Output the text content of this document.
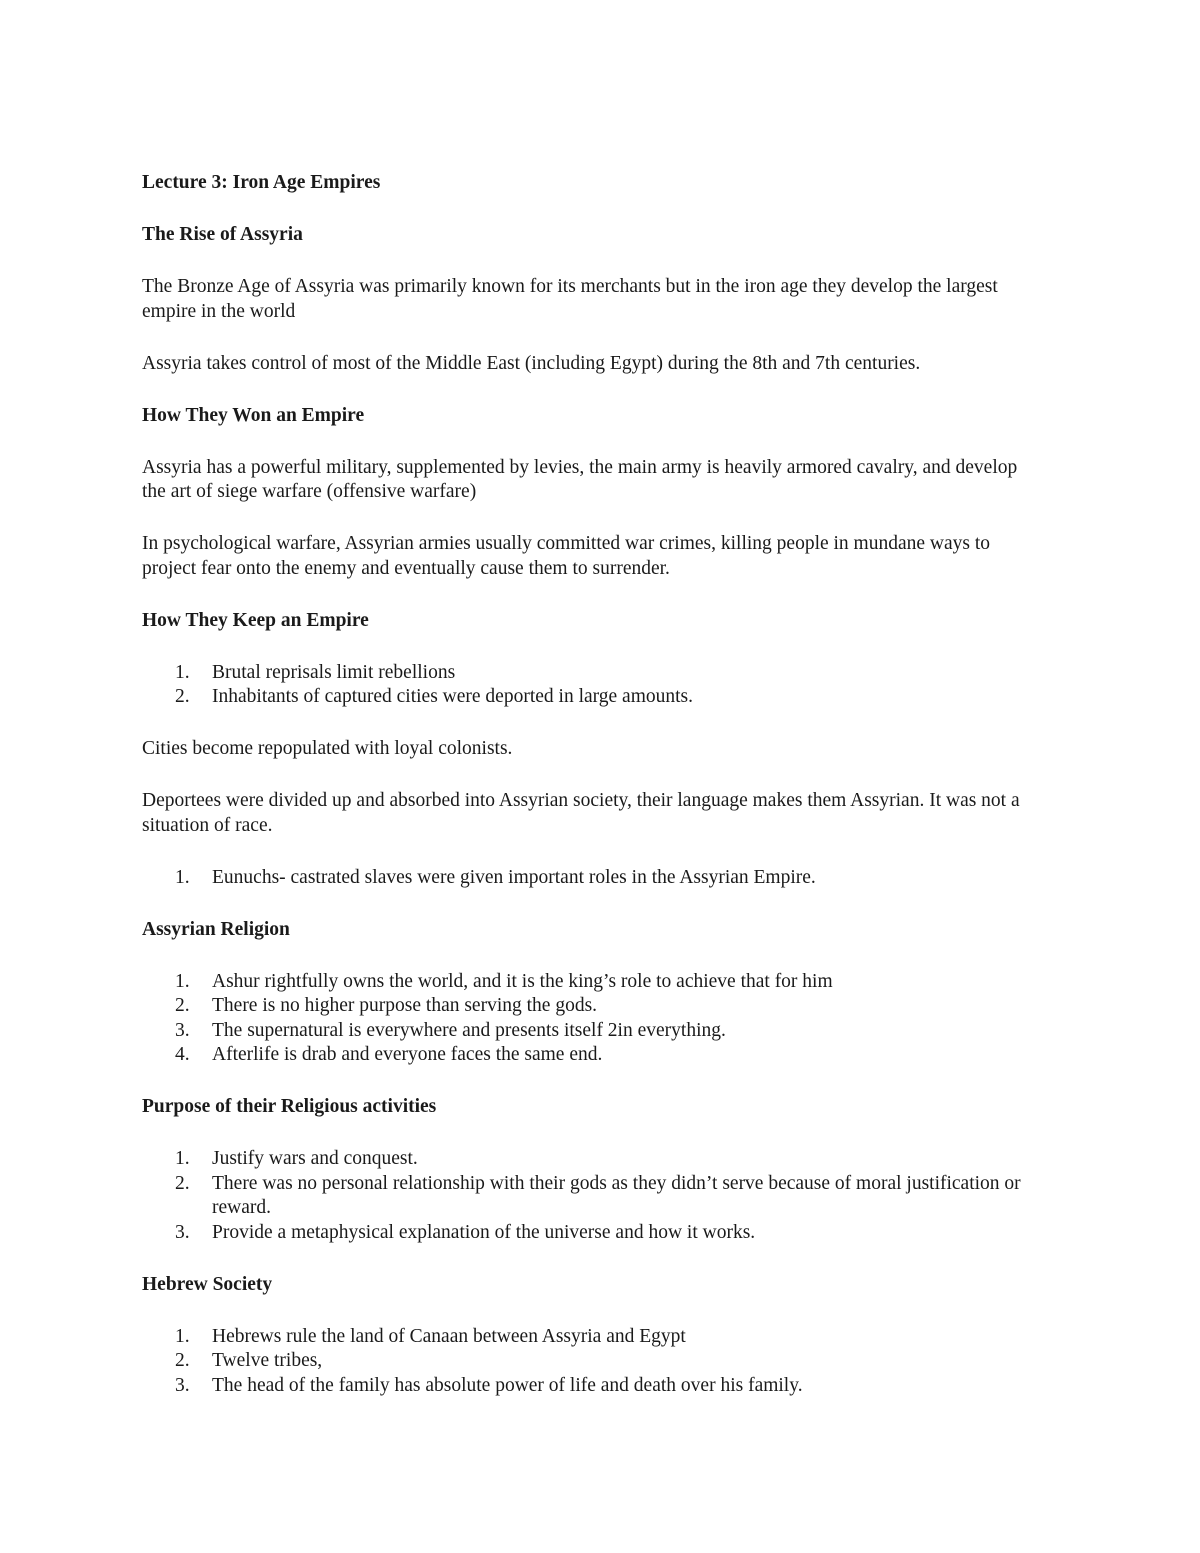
Lecture 3: Iron Age Empires
The Rise of Assyria

The Bronze Age of Assyria was primarily known for its merchants but in the iron age they develop the largest empire in the world

Assyria takes control of most of the Middle East (including Egypt) during the 8th and 7th centuries.

How They Won an Empire

Assyria has a powerful military, supplemented by levies, the main army is heavily armored cavalry, and develop the art of siege warfare (offensive warfare)

In psychological warfare, Assyrian armies usually committed war crimes, killing people in mundane ways to project fear onto the enemy and eventually cause them to surrender.

How They Keep an Empire
1. Brutal reprisals limit rebellions
2. Inhabitants of captured cities were deported in large amounts.

Cities become repopulated with loyal colonists.

Deportees were divided up and absorbed into Assyrian society, their language makes them Assyrian. It was not a situation of race.

1. Eunuchs- castrated slaves were given important roles in the Assyrian Empire.
Assyrian Religion
1. Ashur rightfully owns the world, and it is the king’s role to achieve that for him
2. There is no higher purpose than serving the gods.
3. The supernatural is everywhere and presents itself 2in everything.
4. Afterlife is drab and everyone faces the same end.
Purpose of their Religious activities
1. Justify wars and conquest.
2. There was no personal relationship with their gods as they didn’t serve because of moral justification or reward.
3. Provide a metaphysical explanation of the universe and how it works.
Hebrew Society
1. Hebrews rule the land of Canaan between Assyria and Egypt
2. Twelve tribes,
3. The head of the family has absolute power of life and death over his family.
